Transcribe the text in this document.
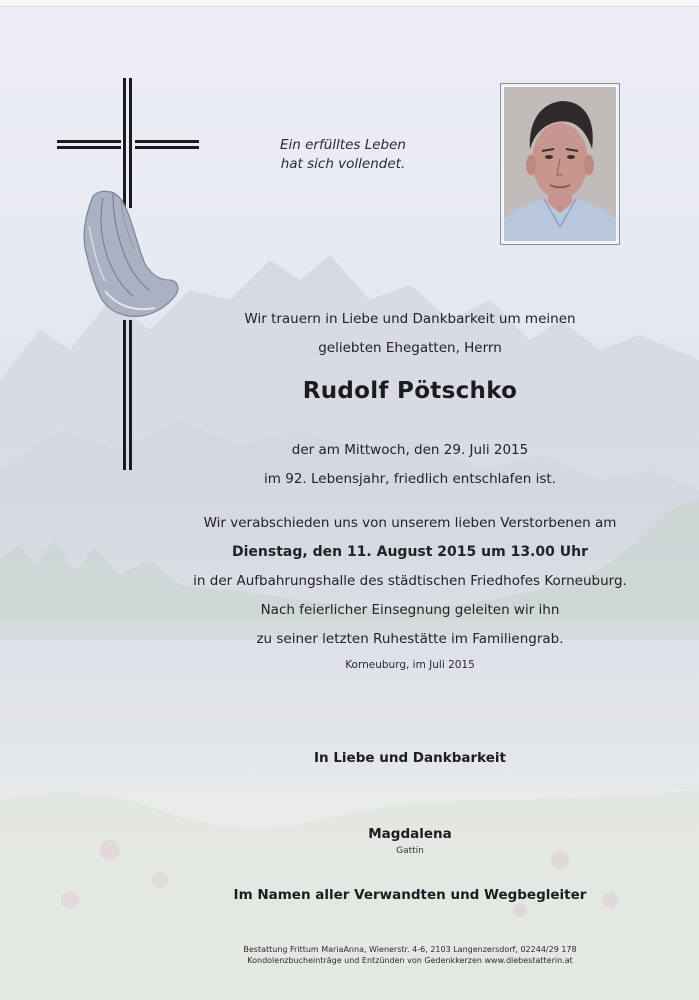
Ein erfülltes Leben
hat sich vollendet.
Wir trauern in Liebe und Dankbarkeit um meinen
geliebten Ehegatten, Herrn
Rudolf Pötschko
der am Mittwoch, den 29. Juli 2015
im 92. Lebensjahr, friedlich entschlafen ist.
Wir verabschieden uns von unserem lieben Verstorbenen am
Dienstag, den 11. August 2015 um 13.00 Uhr
in der Aufbahrungshalle des städtischen Friedhofes Korneuburg.
Nach feierlicher Einsegnung geleiten wir ihn
zu seiner letzten Ruhestätte im Familiengrab.
Korneuburg, im Juli 2015
In Liebe und Dankbarkeit
Magdalena
Gattin
Im Namen aller Verwandten und Wegbegleiter
Bestattung Frittum MariaAnna, Wienerstr. 4-6, 2103 Langenzersdorf, 02244/29 178
Kondolenzbucheinträge und Entzünden von Gedenkkerzen www.diebestatterin.at
